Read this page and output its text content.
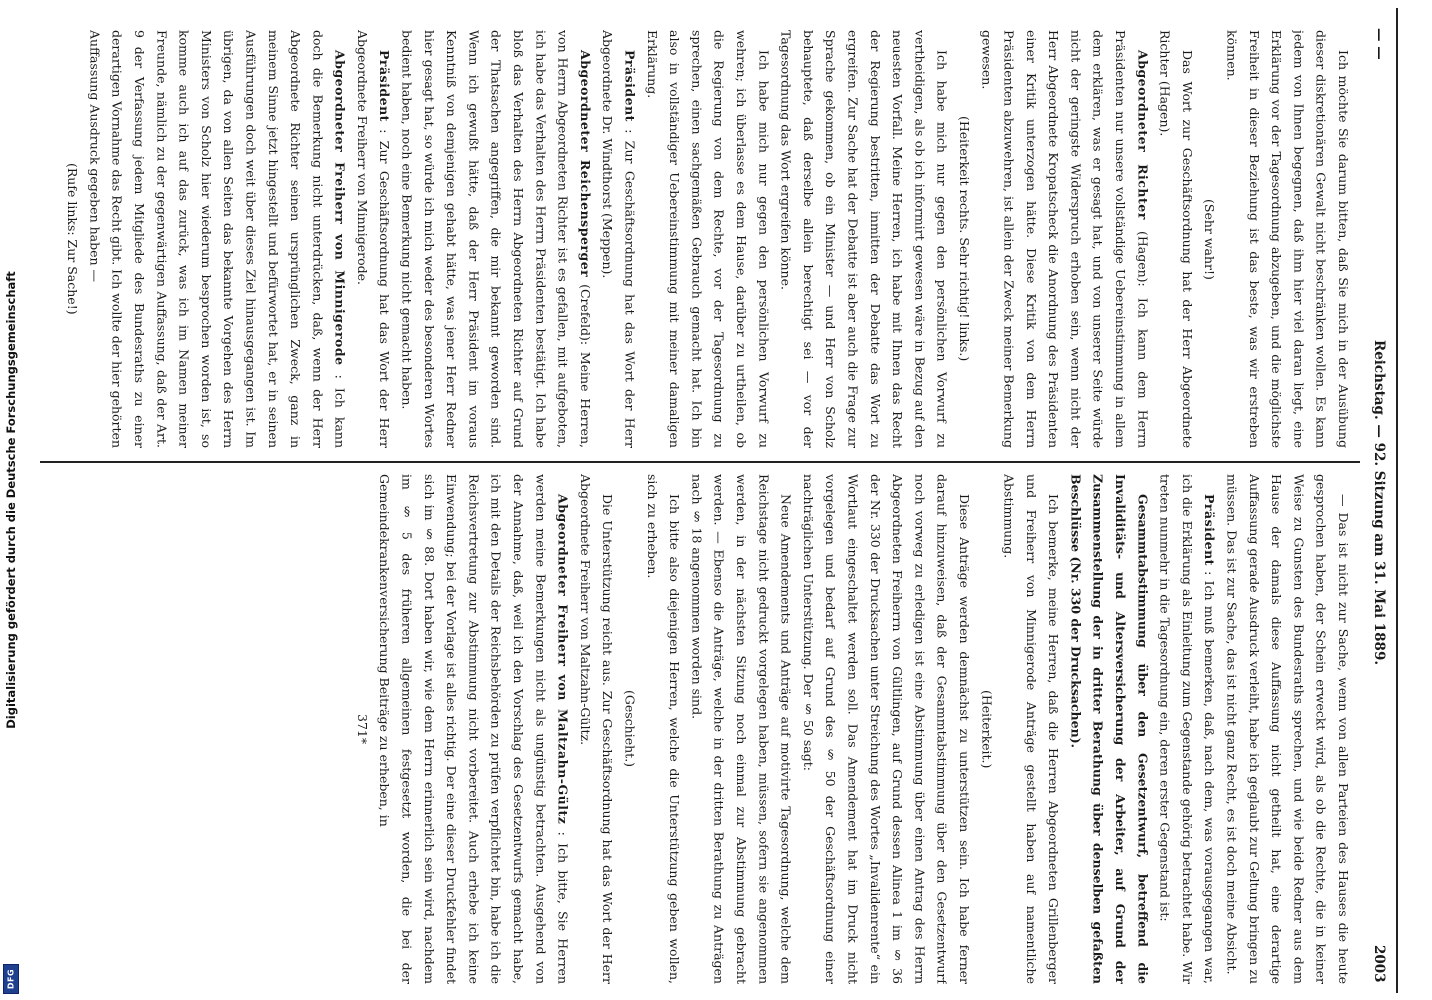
Digitalisierung gefördert durch die Deutsche Forschungsgemeinschaft
DFG
— —
Reichstag. — 92. Sitzung am 31. Mai 1889.
2003

Ich möchte Sie darum bitten, daß Sie mich in der Ausübung dieser diskretionären Gewalt nicht beschränken wollen. Es kann jedem von Ihnen begegnen, daß ihm hier viel daran liegt, eine Erklärung vor der Tagesordnung abzugeben, und die möglichste Freiheit in dieser Beziehung ist das beste, was wir erstreben können.

(Sehr wahr!)

Das Wort zur Geschäftsordnung hat der Herr Abgeordnete Richter (Hagen).

Abgeordneter Richter (Hagen): Ich kann dem Herrn Präsidenten nur unsere vollständige Uebereinstimmung in allem dem erklären, was er gesagt hat, und von unserer Seite würde nicht der geringste Widerspruch erhoben sein, wenn nicht der Herr Abgeordnete Kropatscheck die Anordnung des Präsidenten einer Kritik unterzogen hätte. Diese Kritik von dem Herrn Präsidenten abzuwehren, ist allein der Zweck meiner Bemerkung gewesen.

(Heiterkeit rechts. Sehr richtig! links.)

Ich habe mich nur gegen den persönlichen Vorwurf zu vertheidigen, als ob ich informirt gewesen wäre in Bezug auf den neuesten Vorfall. Meine Herren, ich habe mit Ihnen das Recht der Regierung bestritten, inmitten der Debatte das Wort zu ergreifen. Zur Sache hat der Debatte ist aber auch die Frage zur Sprache gekommen, ob ein Minister — und Herr von Scholz behauptete, daß derselbe allein berechtigt sei — vor der Tagesordnung das Wort ergreifen könne.

Ich habe mich nur gegen den persönlichen Vorwurf zu wehren; ich überlasse es dem Hause, darüber zu urtheilen, ob die Regierung von dem Rechte, vor der Tagesordnung zu sprechen, einen sachgemäßen Gebrauch gemacht hat. Ich bin also in vollständiger Uebereinstimmung mit meiner damaligen Erklärung.

Präsident : Zur Geschäftsordnung hat das Wort der Herr Abgeordnete Dr. Windthorst (Meppen).

Abgeordneter Reichensperger (Crefeld): Meine Herren, von Herrn Abgeordneten Richter ist es gefallen, mit aufgeboten, ich habe das Verhalten des Herrn Präsidenten bestätigt. Ich habe bloß das Verhalten des Herrn Abgeordneten Richter auf Grund der Thatsachen angegriffen, die mir bekannt geworden sind. Wenn ich gewußt hätte, daß der Herr Präsident im voraus Kenntniß von demjenigen gehabt hätte, was jener Herr Redner hier gesagt hat, so würde ich mich weder des besonderen Wortes bedient haben, noch eine Bemerkung nicht gemacht haben.

Präsident : Zur Geschäftsordnung hat das Wort der Herr Abgeordnete Freiherr von Minnigerode.

Abgeordneter Freiherr von Minnigerode : Ich kann doch die Bemerkung nicht unterdrücken, daß, wenn der Herr Abgeordnete Richter seinen ursprünglichen Zweck, ganz in meinem Sinne jetzt hingestellt und befürwortet hat, er in seinen Ausführungen doch weit über dieses Ziel hinausgegangen ist. Im übrigen, da von allen Seiten das bekannte Vorgehen des Herrn Ministers von Scholz hier wiederum besprochen worden ist, so komme auch ich auf das zurück, was ich im Namen meiner Freunde, nämlich zu der gegenwärtigen Auffassung, daß der Art. 9 der Verfassung jedem Mitgliede des Bundesraths zu einer derartigen Vornahme das Recht gibt. Ich wollte der hier gehörten Auffassung Ausdruck gegeben haben —

(Rufe links: Zur Sache!)

— Das ist nicht zur Sache, wenn von allen Parteien des Hauses die heute gesprochen haben, der Schein erweckt wird, als ob die Rechte, die in keiner Weise zu Gunsten des Bundesraths sprechen, und wie beide Redner aus dem Hause der damals diese Auffassung nicht getheilt hat, eine derartige Auffassung gerade Ausdruck verleiht, habe ich geglaubt zur Geltung bringen zu müssen. Das ist zur Sache, das ist nicht ganz Recht, es ist doch meine Absicht.

Präsident : Ich muß bemerken, daß, nach dem, was vorausgegangen war, ich die Erklärung als Einleitung zum Gegenstande gehörig betrachtet habe. Wir treten nunmehr in die Tagesordnung ein, deren erster Gegenstand ist:

Gesammtabstimmung über den Gesetzentwurf, betreffend die Invaliditäts- und Altersversicherung der Arbeiter, auf Grund der Zusammenstellung der in dritter Berathung über denselben gefaßten Beschlüsse (Nr. 330 der Drucksachen).

Ich bemerke, meine Herren, daß die Herren Abgeordneten Grillenberger und Freiherr von Minnigerode Anträge gestellt haben auf namentliche Abstimmung.

(Heiterkeit.)

Diese Anträge werden demnächst zu unterstützen sein. Ich habe ferner darauf hinzuweisen, daß der Gesammtabstimmung über den Gesetzentwurf noch vorweg zu erledigen ist eine Abstimmung über einen Antrag des Herrn Abgeordneten Freiherrn von Gültlingen, auf Grund dessen Alinea 1 im § 36 der Nr. 330 der Drucksachen unter Streichung des Wortes „Invalidenrente“ ein Wortlaut eingeschaltet werden soll. Das Amendement hat im Druck nicht vorgelegen und bedarf auf Grund des § 50 der Geschäftsordnung einer nachträglichen Unterstützung. Der § 50 sagt:

Neue Amendements und Anträge auf motivirte Tagesordnung, welche dem Reichstage nicht gedruckt vorgelegen haben, müssen, sofern sie angenommen werden, in der nächsten Sitzung noch einmal zur Abstimmung gebracht werden. — Ebenso die Anträge, welche in der dritten Berathung zu Anträgen nach § 18 angenommen worden sind.

Ich bitte also diejenigen Herren, welche die Unterstützung geben wollen, sich zu erheben.

(Geschieht.)

Die Unterstützung reicht aus. Zur Geschäftsordnung hat das Wort der Herr Abgeordnete Freiherr von Maltzahn-Gültz.

Abgeordneter Freiherr von Maltzahn-Gültz : Ich bitte, Sie Herren werden meine Bemerkungen nicht als ungünstig betrachten. Ausgehend von der Annahme, daß, weil ich den Vorschlag des Gesetzentwurfs gemacht habe, ich mit den Details der Reichsbehörden zu prüfen verpflichtet bin, habe ich die Reichsvertretung zur Abstimmung nicht vorbereitet. Auch erhebe ich keine Einwendung; bei der Vorlage ist alles richtig. Der eine dieser Druckfehler findet sich im § 88. Dort haben wir, wie dem Herrn erinnerlich sein wird, nachdem im § 5 des früheren allgemeinen festgesetzt worden, die bei der Gemeindekrankenversicherung Beiträge zu erheben, in

371*
